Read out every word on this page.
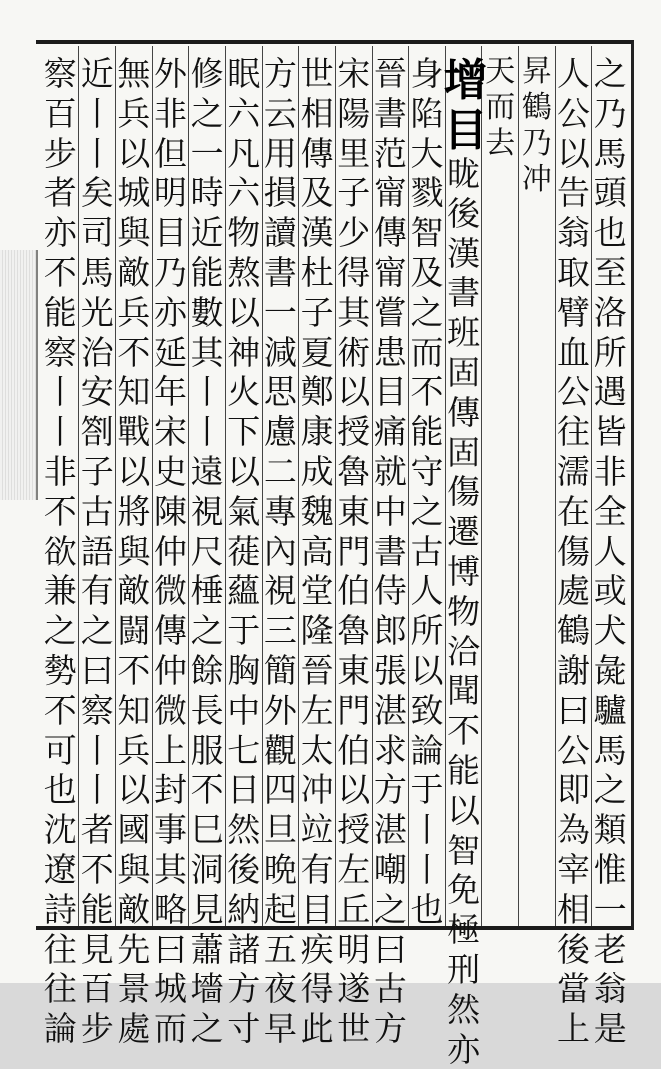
之
乃
馬
頭
也
至
洛
所
遇
皆
非
全
人
或
犬
彘
驢
馬
之
類
惟
一
老
翁
是
人
公
以
告
翁
取
臂
血
公
往
濡
在
傷
處
鶴
謝
曰
公
即
為
宰
相
後
當
上
昇
鶴
乃
冲
天
而
去
增
目
昽
後
漢
書
班
固
傳
固
傷
遷
博
物
洽
聞
不
能
以
智
免
極
刑
然
亦
身
陷
大
戮
智
及
之
而
不
能
守
之
古
人
所
以
致
論
于
丨
丨
也
晉
書
范
甯
傳
甯
嘗
患
目
痛
就
中
書
侍
郎
張
湛
求
方
湛
嘲
之
曰
古
方
宋
陽
里
子
少
得
其
術
以
授
魯
東
門
伯
魯
東
門
伯
以
授
左
丘
明
遂
世
世
相
傳
及
漢
杜
子
夏
鄭
康
成
魏
高
堂
隆
晉
左
太
冲
竝
有
目
疾
得
此
方
云
用
損
讀
書
一
減
思
慮
二
專
內
視
三
簡
外
觀
四
旦
晩
起
五
夜
早
眠
六
凡
六
物
熬
以
神
火
下
以
氣
蓰
蘊
于
胸
中
七
日
然
後
納
諸
方
寸
修
之
一
時
近
能
數
其
丨
丨
遠
視
尺
棰
之
餘
長
服
不
巳
洞
見
蕭
墻
之
外
非
但
明
目
乃
亦
延
年
宋
史
陳
仲
微
傳
仲
微
上
封
事
其
略
曰
城
而
無
兵
以
城
與
敵
兵
不
知
戰
以
將
與
敵
闘
不
知
兵
以
國
與
敵
先
景
處
近
丨
丨
矣
司
馬
光
治
安
劄
子
古
語
有
之
曰
察
丨
丨
者
不
能
見
百
步
察
百
步
者
亦
不
能
察
丨
丨
非
不
欲
兼
之
勢
不
可
也
沈
遼
詩
往
往
論
